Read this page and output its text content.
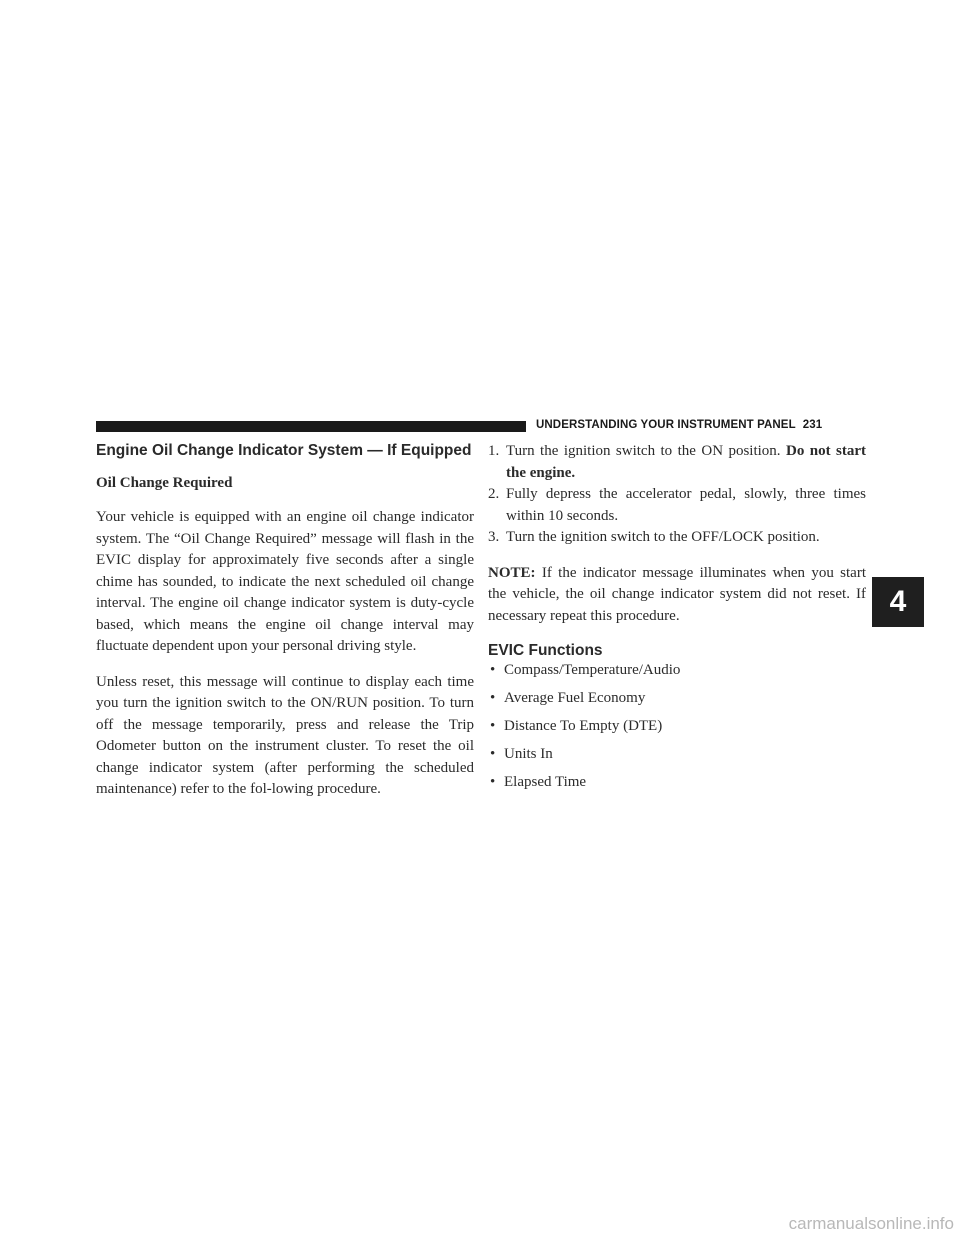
UNDERSTANDING YOUR INSTRUMENT PANEL 231
Engine Oil Change Indicator System — If Equipped
Oil Change Required

Your vehicle is equipped with an engine oil change indicator system. The “Oil Change Required” message will flash in the EVIC display for approximately five seconds after a single chime has sounded, to indicate the next scheduled oil change interval. The engine oil change indicator system is duty-cycle based, which means the engine oil change interval may fluctuate dependent upon your personal driving style.

Unless reset, this message will continue to display each time you turn the ignition switch to the ON/RUN position. To turn off the message temporarily, press and release the Trip Odometer button on the instrument cluster. To reset the oil change indicator system (after performing the scheduled maintenance) refer to the fol-lowing procedure.

1. Turn the ignition switch to the ON position. Do not start the engine.
2. Fully depress the accelerator pedal, slowly, three times within 10 seconds.
3. Turn the ignition switch to the OFF/LOCK position.

NOTE: If the indicator message illuminates when you start the vehicle, the oil change indicator system did not reset. If necessary repeat this procedure.

EVIC Functions
• Compass/Temperature/Audio
• Average Fuel Economy
• Distance To Empty (DTE)
• Units In
• Elapsed Time
4
carmanualsonline.info
